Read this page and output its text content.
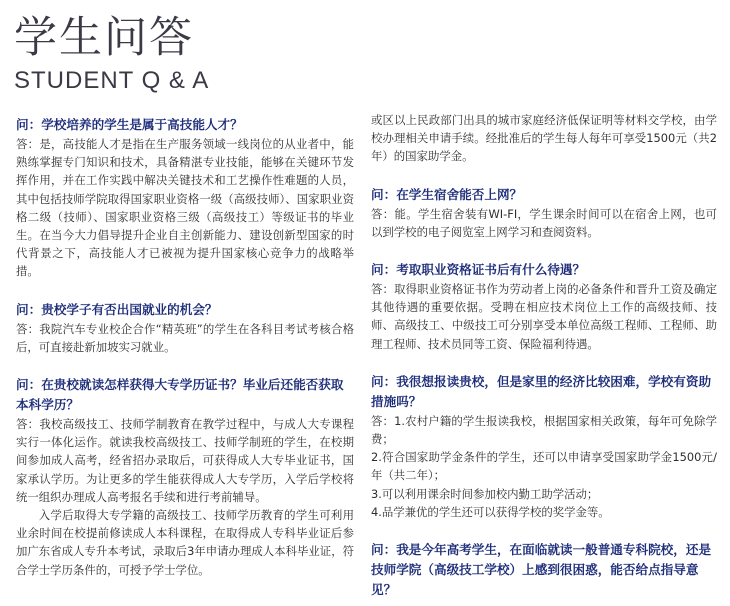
学生问答
STUDENT Q & A

问：学校培养的学生是属于高技能人才？

答：是，高技能人才是指在生产服务领域一线岗位的从业者中，能熟练掌握专门知识和技术，具备精湛专业技能，能够在关键环节发挥作用，并在工作实践中解决关键技术和工艺操作性难题的人员，其中包括技师学院取得国家职业资格一级（高级技师）、国家职业资格二级（技师）、国家职业资格三级（高级技工）等级证书的毕业生。在当今大力倡导提升企业自主创新能力、建设创新型国家的时代背景之下，高技能人才已被视为提升国家核心竞争力的战略举措。

问：贵校学子有否出国就业的机会？

答：我院汽车专业校企合作“精英班”的学生在各科目考试考核合格后，可直接赴新加坡实习就业。

问：在贵校就读怎样获得大专学历证书？毕业后还能否获取本科学历？

答：我校高级技工、技师学制教育在教学过程中，与成人大专课程实行一体化运作。就读我校高级技工、技师学制班的学生，在校期间参加成人高考，经省招办录取后，可获得成人大专毕业证书，国家承认学历。为让更多的学生能获得成人大专学历，入学后学校将统一组织办理成人高考报名手续和进行考前辅导。

入学后取得大专学籍的高级技工、技师学历教育的学生可利用业余时间在校提前修读成人本科课程，在取得成人专科毕业证后参加广东省成人专升本考试，录取后3年申请办理成人本科毕业证，符合学士学历条件的，可授予学士学位。

或区以上民政部门出具的城市家庭经济低保证明等材料交学校，由学校办理相关申请手续。经批准后的学生每人每年可享受1500元（共2年）的国家助学金。

问：在学生宿舍能否上网？

答：能。学生宿舍装有WI-FI，学生课余时间可以在宿舍上网，也可以到学校的电子阅览室上网学习和查阅资料。

问：考取职业资格证书后有什么待遇？

答：取得职业资格证书作为劳动者上岗的必备条件和晋升工资及确定其他待遇的重要依据。受聘在相应技术岗位上工作的高级技师、技师、高级技工、中级技工可分别享受本单位高级工程师、工程师、助理工程师、技术员同等工资、保险福利待遇。

问：我很想报读贵校，但是家里的经济比较困难，学校有资助措施吗？

答：1.农村户籍的学生报读我校，根据国家相关政策，每年可免除学费；

2.符合国家助学金条件的学生，还可以申请享受国家助学金1500元/年（共二年）；

3.可以利用课余时间参加校内勤工助学活动；

4.品学兼优的学生还可以获得学校的奖学金等。

问：我是今年高考学生，在面临就读一般普通专科院校，还是技师学院（高级技工学校）上感到很困惑，能否给点指导意见？
